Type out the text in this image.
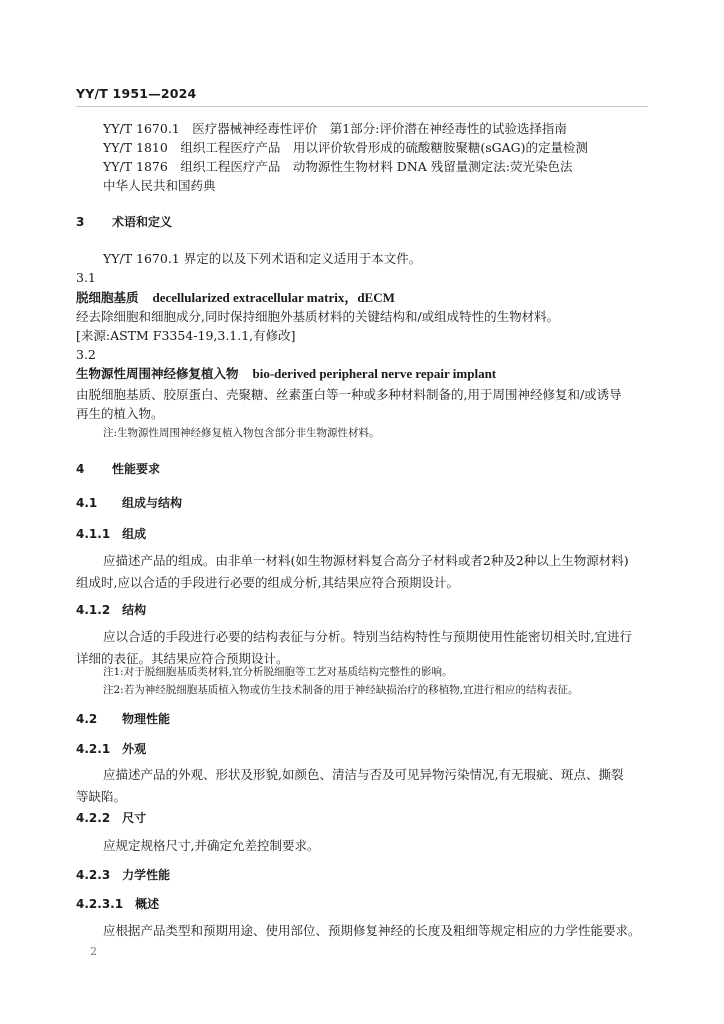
YY/T 1951—2024
YY/T 1670.1　医疗器械神经毒性评价　第1部分:评价潜在神经毒性的试验选择指南
YY/T 1810　组织工程医疗产品　用以评价软骨形成的硫酸糖胺聚糖(sGAG)的定量检测
YY/T 1876　组织工程医疗产品　动物源性生物材料 DNA 残留量测定法:荧光染色法
中华人民共和国药典
3 术语和定义
YY/T 1670.1 界定的以及下列术语和定义适用于本文件。
3.1
脱细胞基质 decellularized extracellular matrix，dECM
经去除细胞和细胞成分,同时保持细胞外基质材料的关键结构和/或组成特性的生物材料。
[来源:ASTM F3354-19,3.1.1,有修改]
3.2
生物源性周围神经修复植入物 bio-derived peripheral nerve repair implant
由脱细胞基质、胶原蛋白、壳聚糖、丝素蛋白等一种或多种材料制备的,用于周围神经修复和/或诱导再生的植入物。
注:生物源性周围神经修复植入物包含部分非生物源性材料。
4 性能要求
4.1 组成与结构
4.1.1 组成
应描述产品的组成。由非单一材料(如生物源材料复合高分子材料或者2种及2种以上生物源材料)组成时,应以合适的手段进行必要的组成分析,其结果应符合预期设计。
4.1.2 结构
应以合适的手段进行必要的结构表征与分析。特别当结构特性与预期使用性能密切相关时,宜进行详细的表征。其结果应符合预期设计。
注1:对于脱细胞基质类材料,宜分析脱细胞等工艺对基质结构完整性的影响。
注2:若为神经脱细胞基质植入物或仿生技术制备的用于神经缺损治疗的移植物,宜进行相应的结构表征。
4.2 物理性能
4.2.1 外观
应描述产品的外观、形状及形貌,如颜色、清洁与否及可见异物污染情况,有无瑕疵、斑点、撕裂等缺陷。
4.2.2 尺寸
应规定规格尺寸,并确定允差控制要求。
4.2.3 力学性能
4.2.3.1 概述
应根据产品类型和预期用途、使用部位、预期修复神经的长度及粗细等规定相应的力学性能要求。
2
